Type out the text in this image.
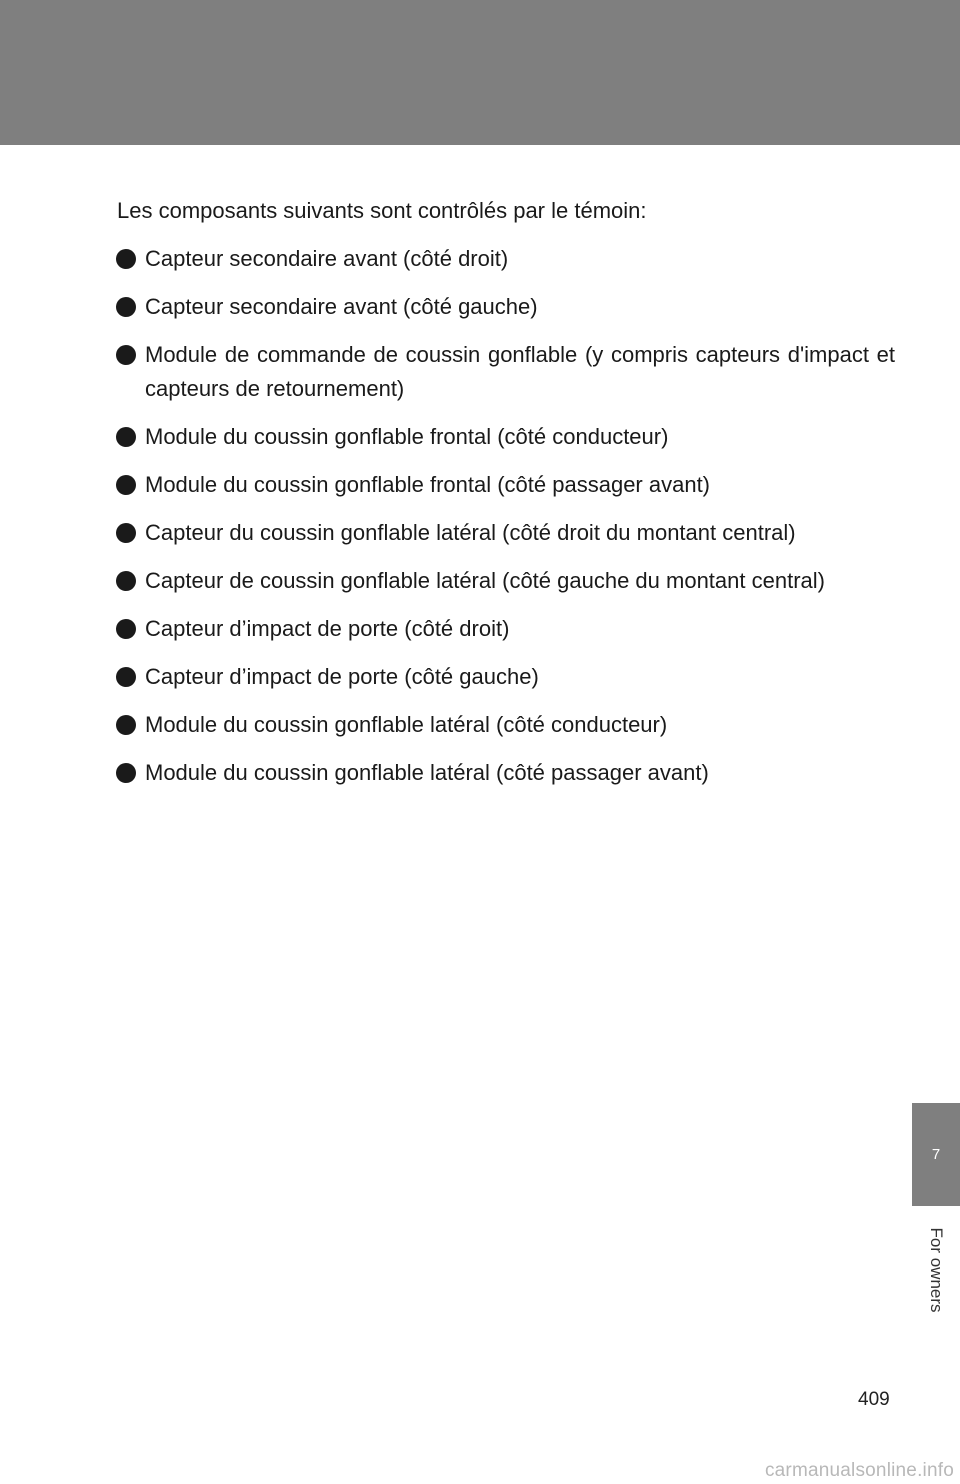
Les composants suivants sont contrôlés par le témoin:

Capteur secondaire avant (côté droit)
Capteur secondaire avant (côté gauche)
Module de commande de coussin gonflable (y compris capteurs d'impact et capteurs de retournement)
Module du coussin gonflable frontal (côté conducteur)
Module du coussin gonflable frontal (côté passager avant)
Capteur du coussin gonflable latéral (côté droit du montant central)
Capteur de coussin gonflable latéral (côté gauche du montant central)
Capteur d’impact de porte (côté droit)
Capteur d’impact de porte (côté gauche)
Module du coussin gonflable latéral (côté conducteur)
Module du coussin gonflable latéral (côté passager avant)
7
For owners
409
carmanualsonline.info
